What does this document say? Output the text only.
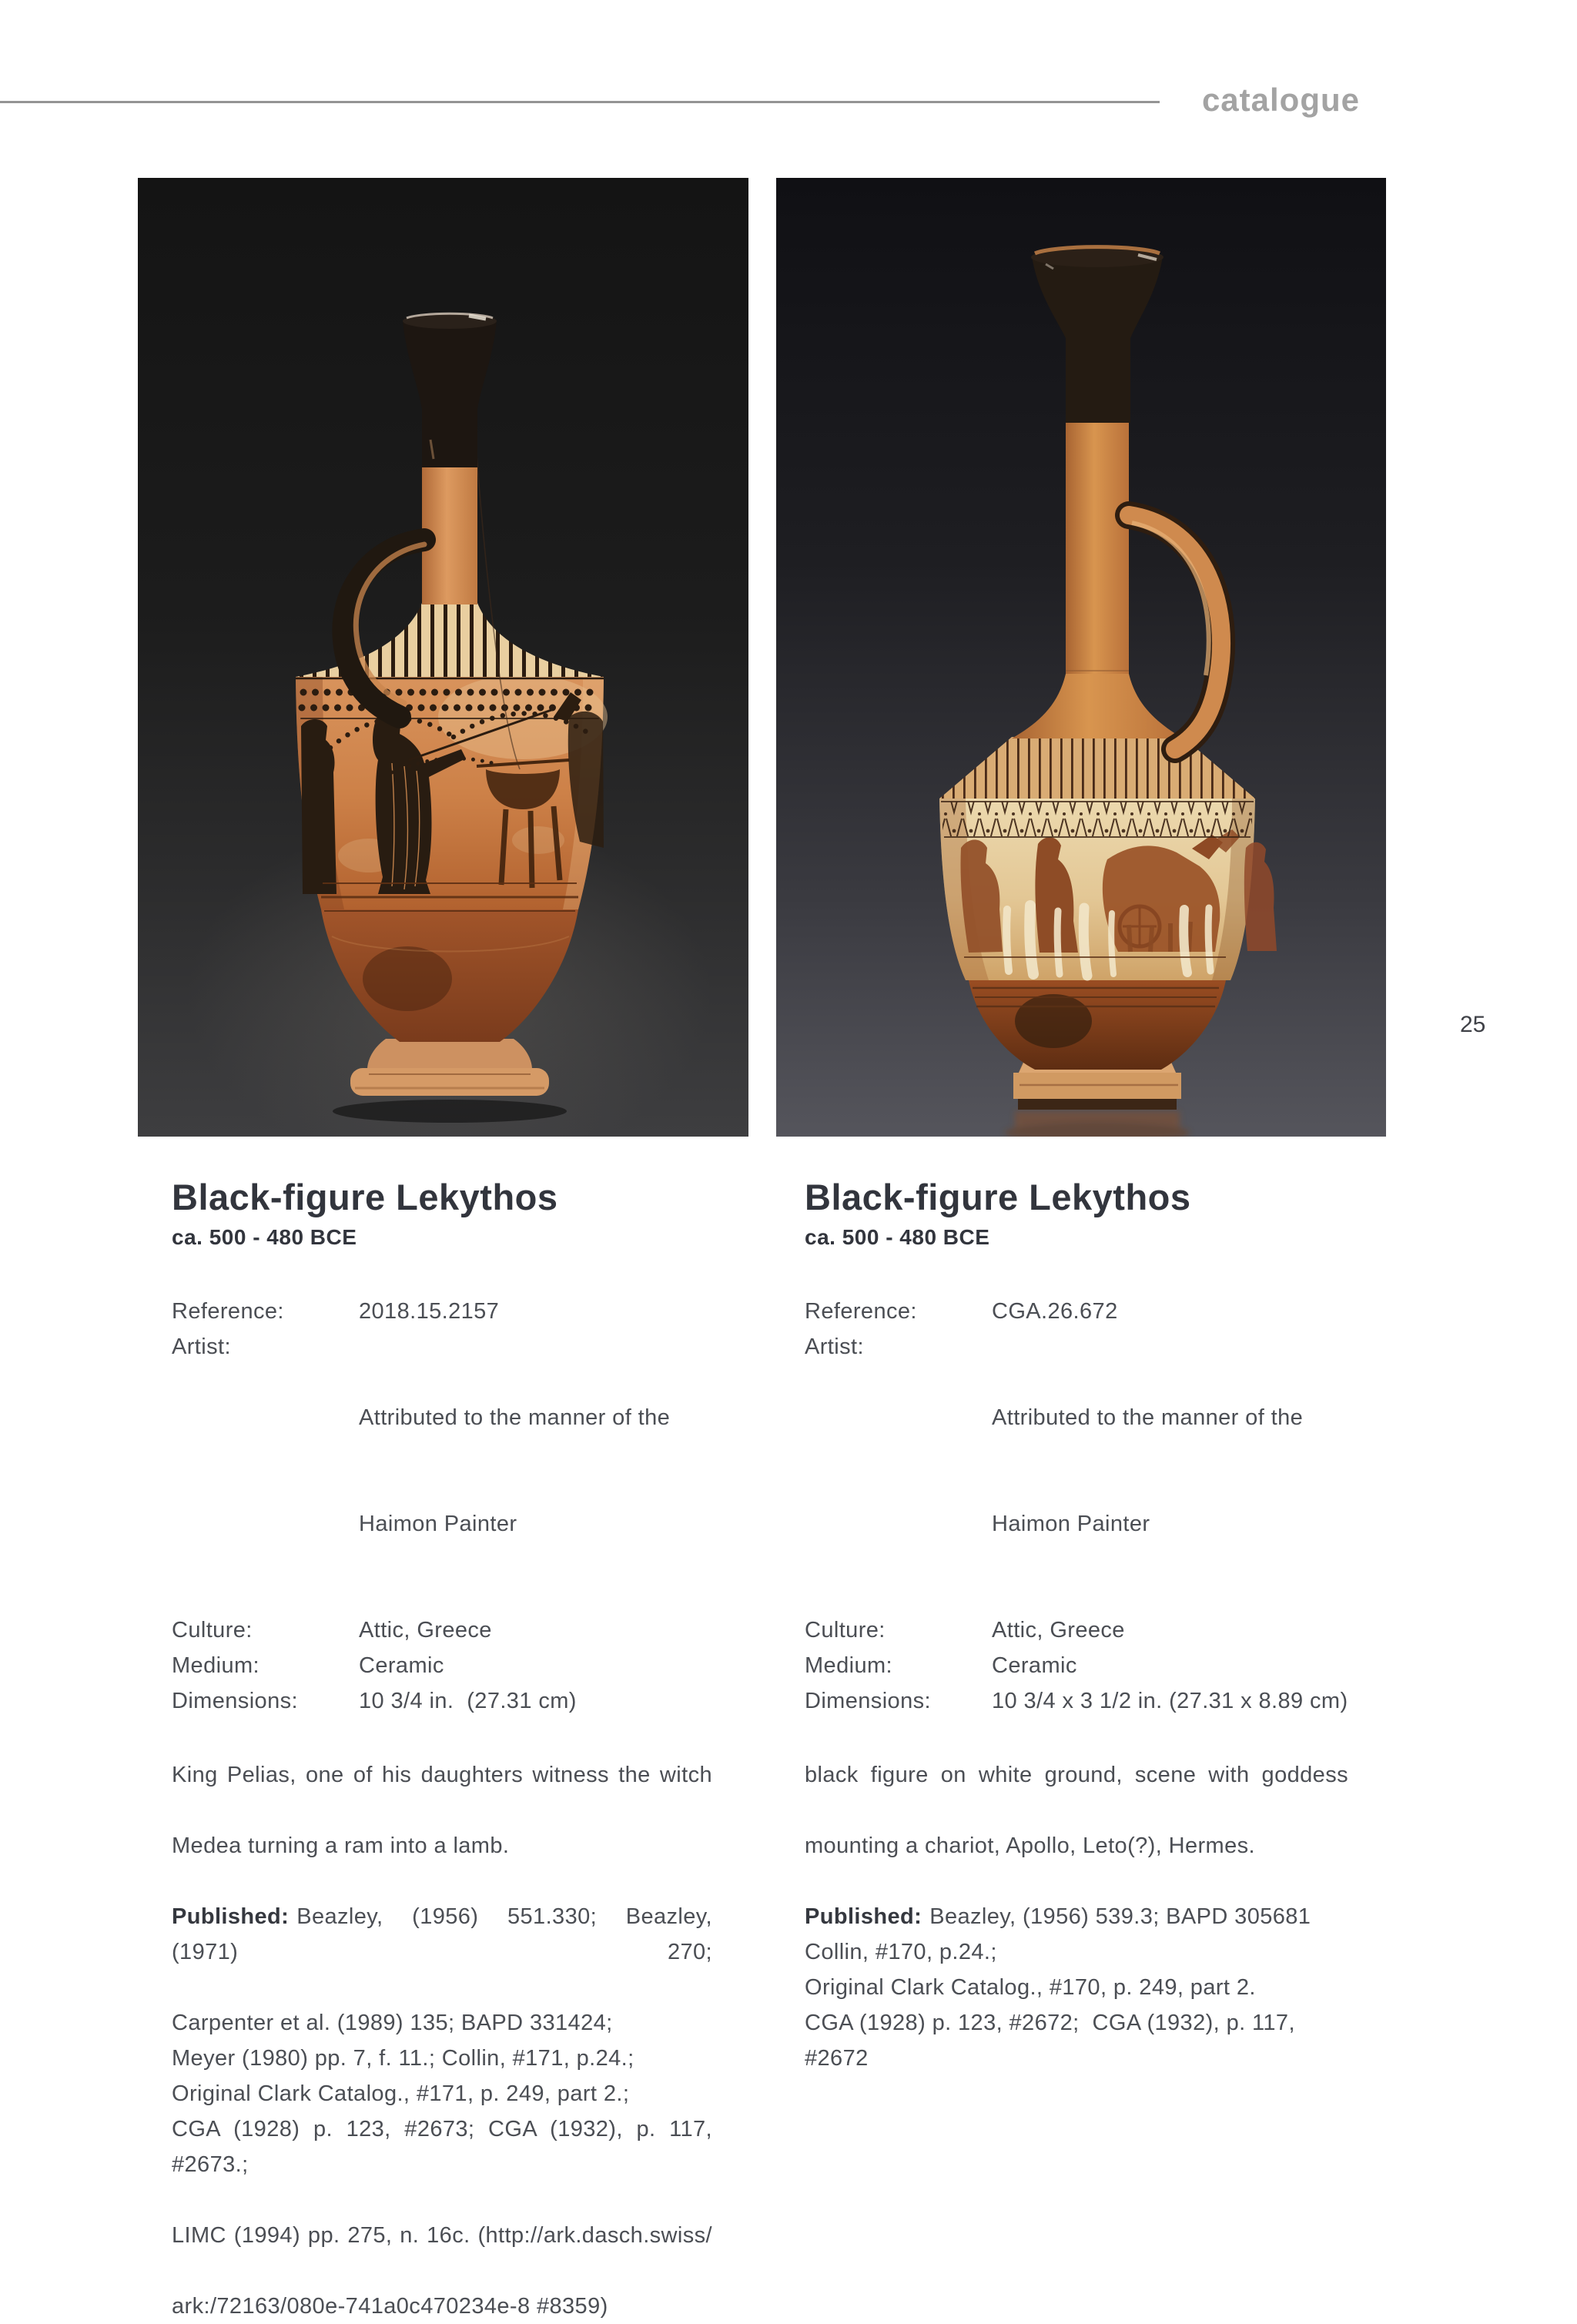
catalogue
25
Black-figure Lekythos
ca. 500 - 480 BCE
Reference:	2018.15.2157
Artist:

Attributed to the manner of the

Haimon Painter

Culture:	Attic, Greece
Medium:	Ceramic
Dimensions:	10 3/4 in.  (27.31 cm)
King Pelias, one of his daughters witness the witch
Medea turning a ram into a lamb.
Published: Beazley, (1956) 551.330; Beazley, (1971) 270;
Carpenter et al. (1989) 135; BAPD 331424;
Meyer (1980) pp. 7, f. 11.; Collin, #171, p.24.;
Original Clark Catalog., #171, p. 249, part 2.;
CGA (1928) p. 123, #2673; CGA (1932), p. 117, #2673.;
LIMC (1994) pp. 275, n. 16c. (http://ark.dasch.swiss/
ark:/72163/080e-741a0c470234e-8 #8359)
Black-figure Lekythos
ca. 500 - 480 BCE
Reference:	CGA.26.672
Artist:

Attributed to the manner of the

Haimon Painter

Culture:	Attic, Greece
Medium:	Ceramic
Dimensions:	10 3/4 x 3 1/2 in. (27.31 x 8.89 cm)
black figure on white ground, scene with goddess
mounting a chariot, Apollo, Leto(?), Hermes.
Published: Beazley, (1956) 539.3; BAPD 305681
Collin, #170, p.24.;
Original Clark Catalog., #170, p. 249, part 2.
CGA (1928) p. 123, #2672;  CGA (1932), p. 117,  #2672
